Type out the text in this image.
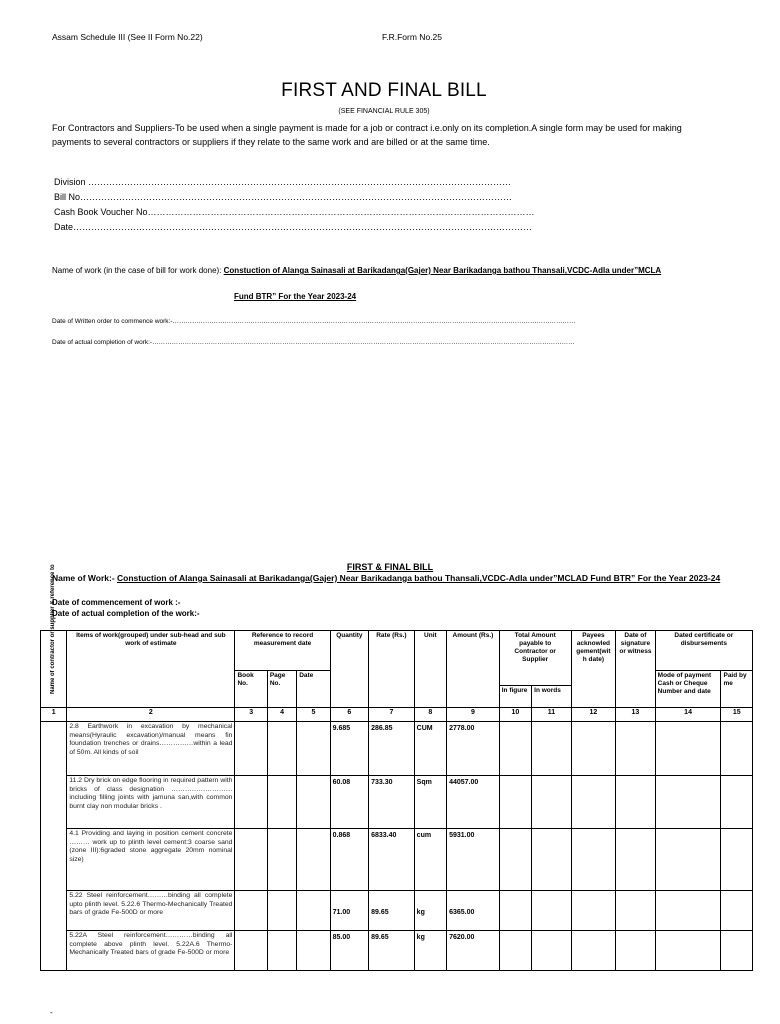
Assam Schedule III (See II Form No.22)	F.R.Form No.25
FIRST AND FINAL BILL
(SEE FINANCIAL RULE 305)
For Contractors and Suppliers-To be used when a single payment is made for a job or contract i.e.only on its completion.A single form may be used for making payments to several contractors or suppliers if they relate to the same work and are billed or at the same time.
Division ……………………………………………………………………………………………………………………………
Bill No………………………………………………………………………………………………………………………………
Cash Book Voucher No…………………………………………………………………………………………………………………
Date………………………………………………………………………………………………………………………………………
Name of work (in the case of bill for work done): Constuction of Alanga Sainasali at Barikadanga(Gajer) Near Barikadanga bathou Thansali,VCDC-Adla under”MCLA
Fund BTR” For the Year 2023-24
Date of Written order to commence work:-……………………………………………………………………………………………………………………………………………………………………
Date of actual completion of work:-……………………………………………………………………………………………………………………………………………………………………………
FIRST & FINAL BILL
Name of Work:- Constuction of Alanga Sainasali at Barikadanga(Gajer) Near Barikadanga bathou Thansali,VCDC-Adla under”MCLAD Fund BTR” For the Year 2023-24
Date of commencement of work :-
Date of actual completion of the work:-
Name of contractor or supplier & reference to	Items of work(grouped) under sub-head and sub work of estimate	Reference to record measurement date			Quantity	Rate (Rs.)	Unit	Amount (Rs.)	Total Amount payable to Contractor or Supplier		Payees acknowled gement(wit h date)	Date of signature or witness	Dated certificate or disbursements	
		Book No.	Page No.	Date									Mode of payment Cash or Cheque Number and date	Paid by me
									In figure	In words				
1	2	3	4	5	6	7	8	9	10	11	12	13	14	15
	2.8 Earthwork in excavation by mechanical means(Hyraulic excavation)/manual means fin foundation trenches or drains……………within a lead of 50m. All kinds of soil				9.685	286.85	CUM	2778.00						
	11.2 Dry brick on edge flooring in required pattern with bricks of class designation ………………………including filling joints with jamuna san,with common burnt clay non modular bricks .				60.08	733.30	Sqm	44057.00						
	4.1 Providing and laying in position cement concrete ……… work up to plinth level cement:3 coarse sand (zone III):6graded stone aggregate 20mm nominal size)				0.868	6833.40	cum	5931.00						
	5.22 Steel reinforcement………binding all complete upto plinth level. 5.22.6 Thermo-Mechanically Treated bars of grade Fe-500D or more				71.00	89.65	kg	6365.00						
	5.22A Steel reinforcement…………binding all complete above plinth level. 5.22A.6 Thermo-Mechanically Treated bars of grade Fe-500D or more				85.00	89.65	kg	7620.00						
-
